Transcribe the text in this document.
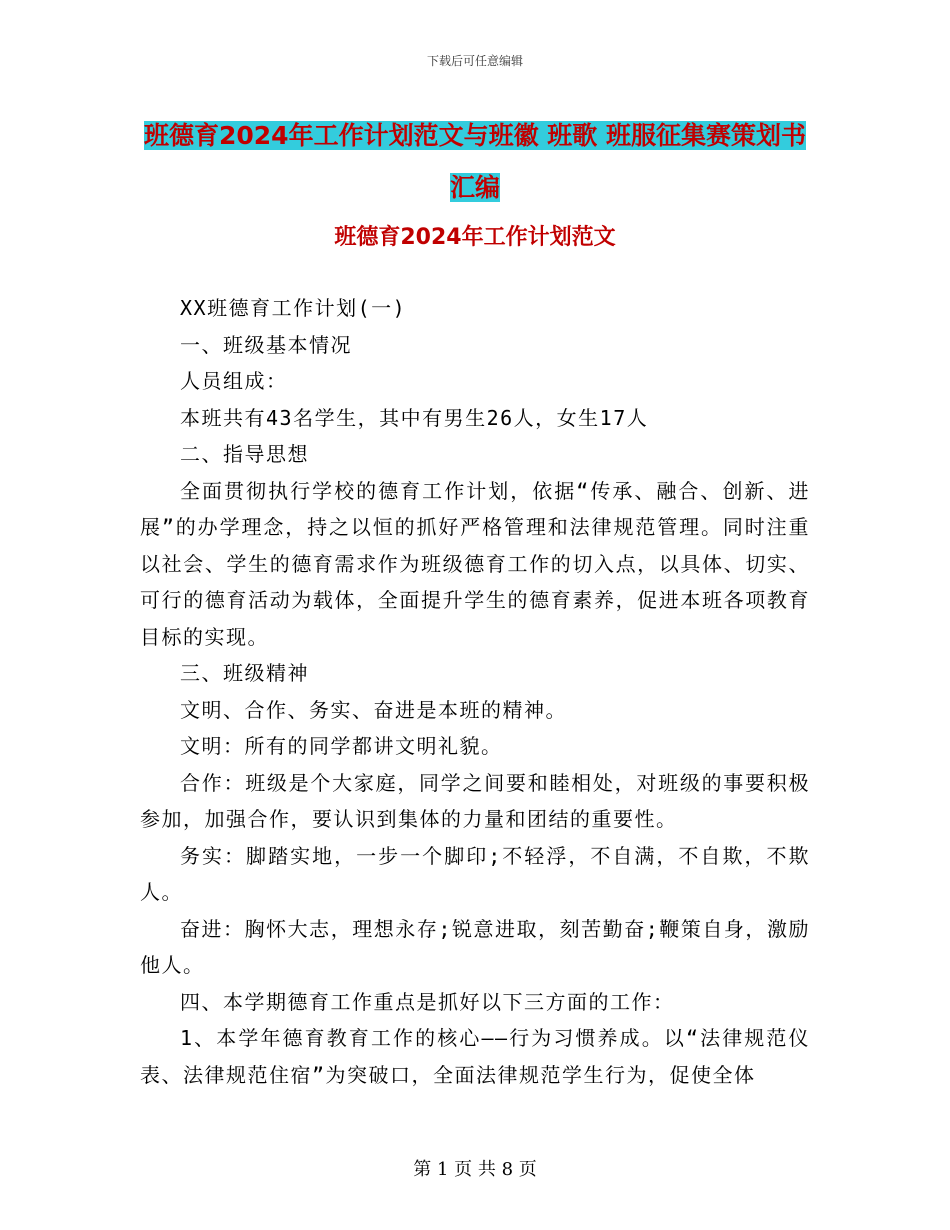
下载后可任意编辑
班德育2024年工作计划范文与班徽 班歌 班服征集赛策划书汇编
班德育2024年工作计划范文

XX班德育工作计划(一)

一、班级基本情况

人员组成：

本班共有43名学生，其中有男生26人，女生17人

二、指导思想

全面贯彻执行学校的德育工作计划，依据“传承、融合、创新、进展”的办学理念，持之以恒的抓好严格管理和法律规范管理。同时注重以社会、学生的德育需求作为班级德育工作的切入点，以具体、切实、可行的德育活动为载体，全面提升学生的德育素养，促进本班各项教育目标的实现。

三、班级精神

文明、合作、务实、奋进是本班的精神。

文明：所有的同学都讲文明礼貌。

合作：班级是个大家庭，同学之间要和睦相处，对班级的事要积极参加，加强合作，要认识到集体的力量和团结的重要性。

务实：脚踏实地，一步一个脚印;不轻浮，不自满，不自欺，不欺人。

奋进：胸怀大志，理想永存;锐意进取，刻苦勤奋;鞭策自身，激励他人。

四、本学期德育工作重点是抓好以下三方面的工作：

1、本学年德育教育工作的核心——行为习惯养成。以“法律规范仪表、法律规范住宿”为突破口，全面法律规范学生行为，促使全体

第 1 页 共 8 页
